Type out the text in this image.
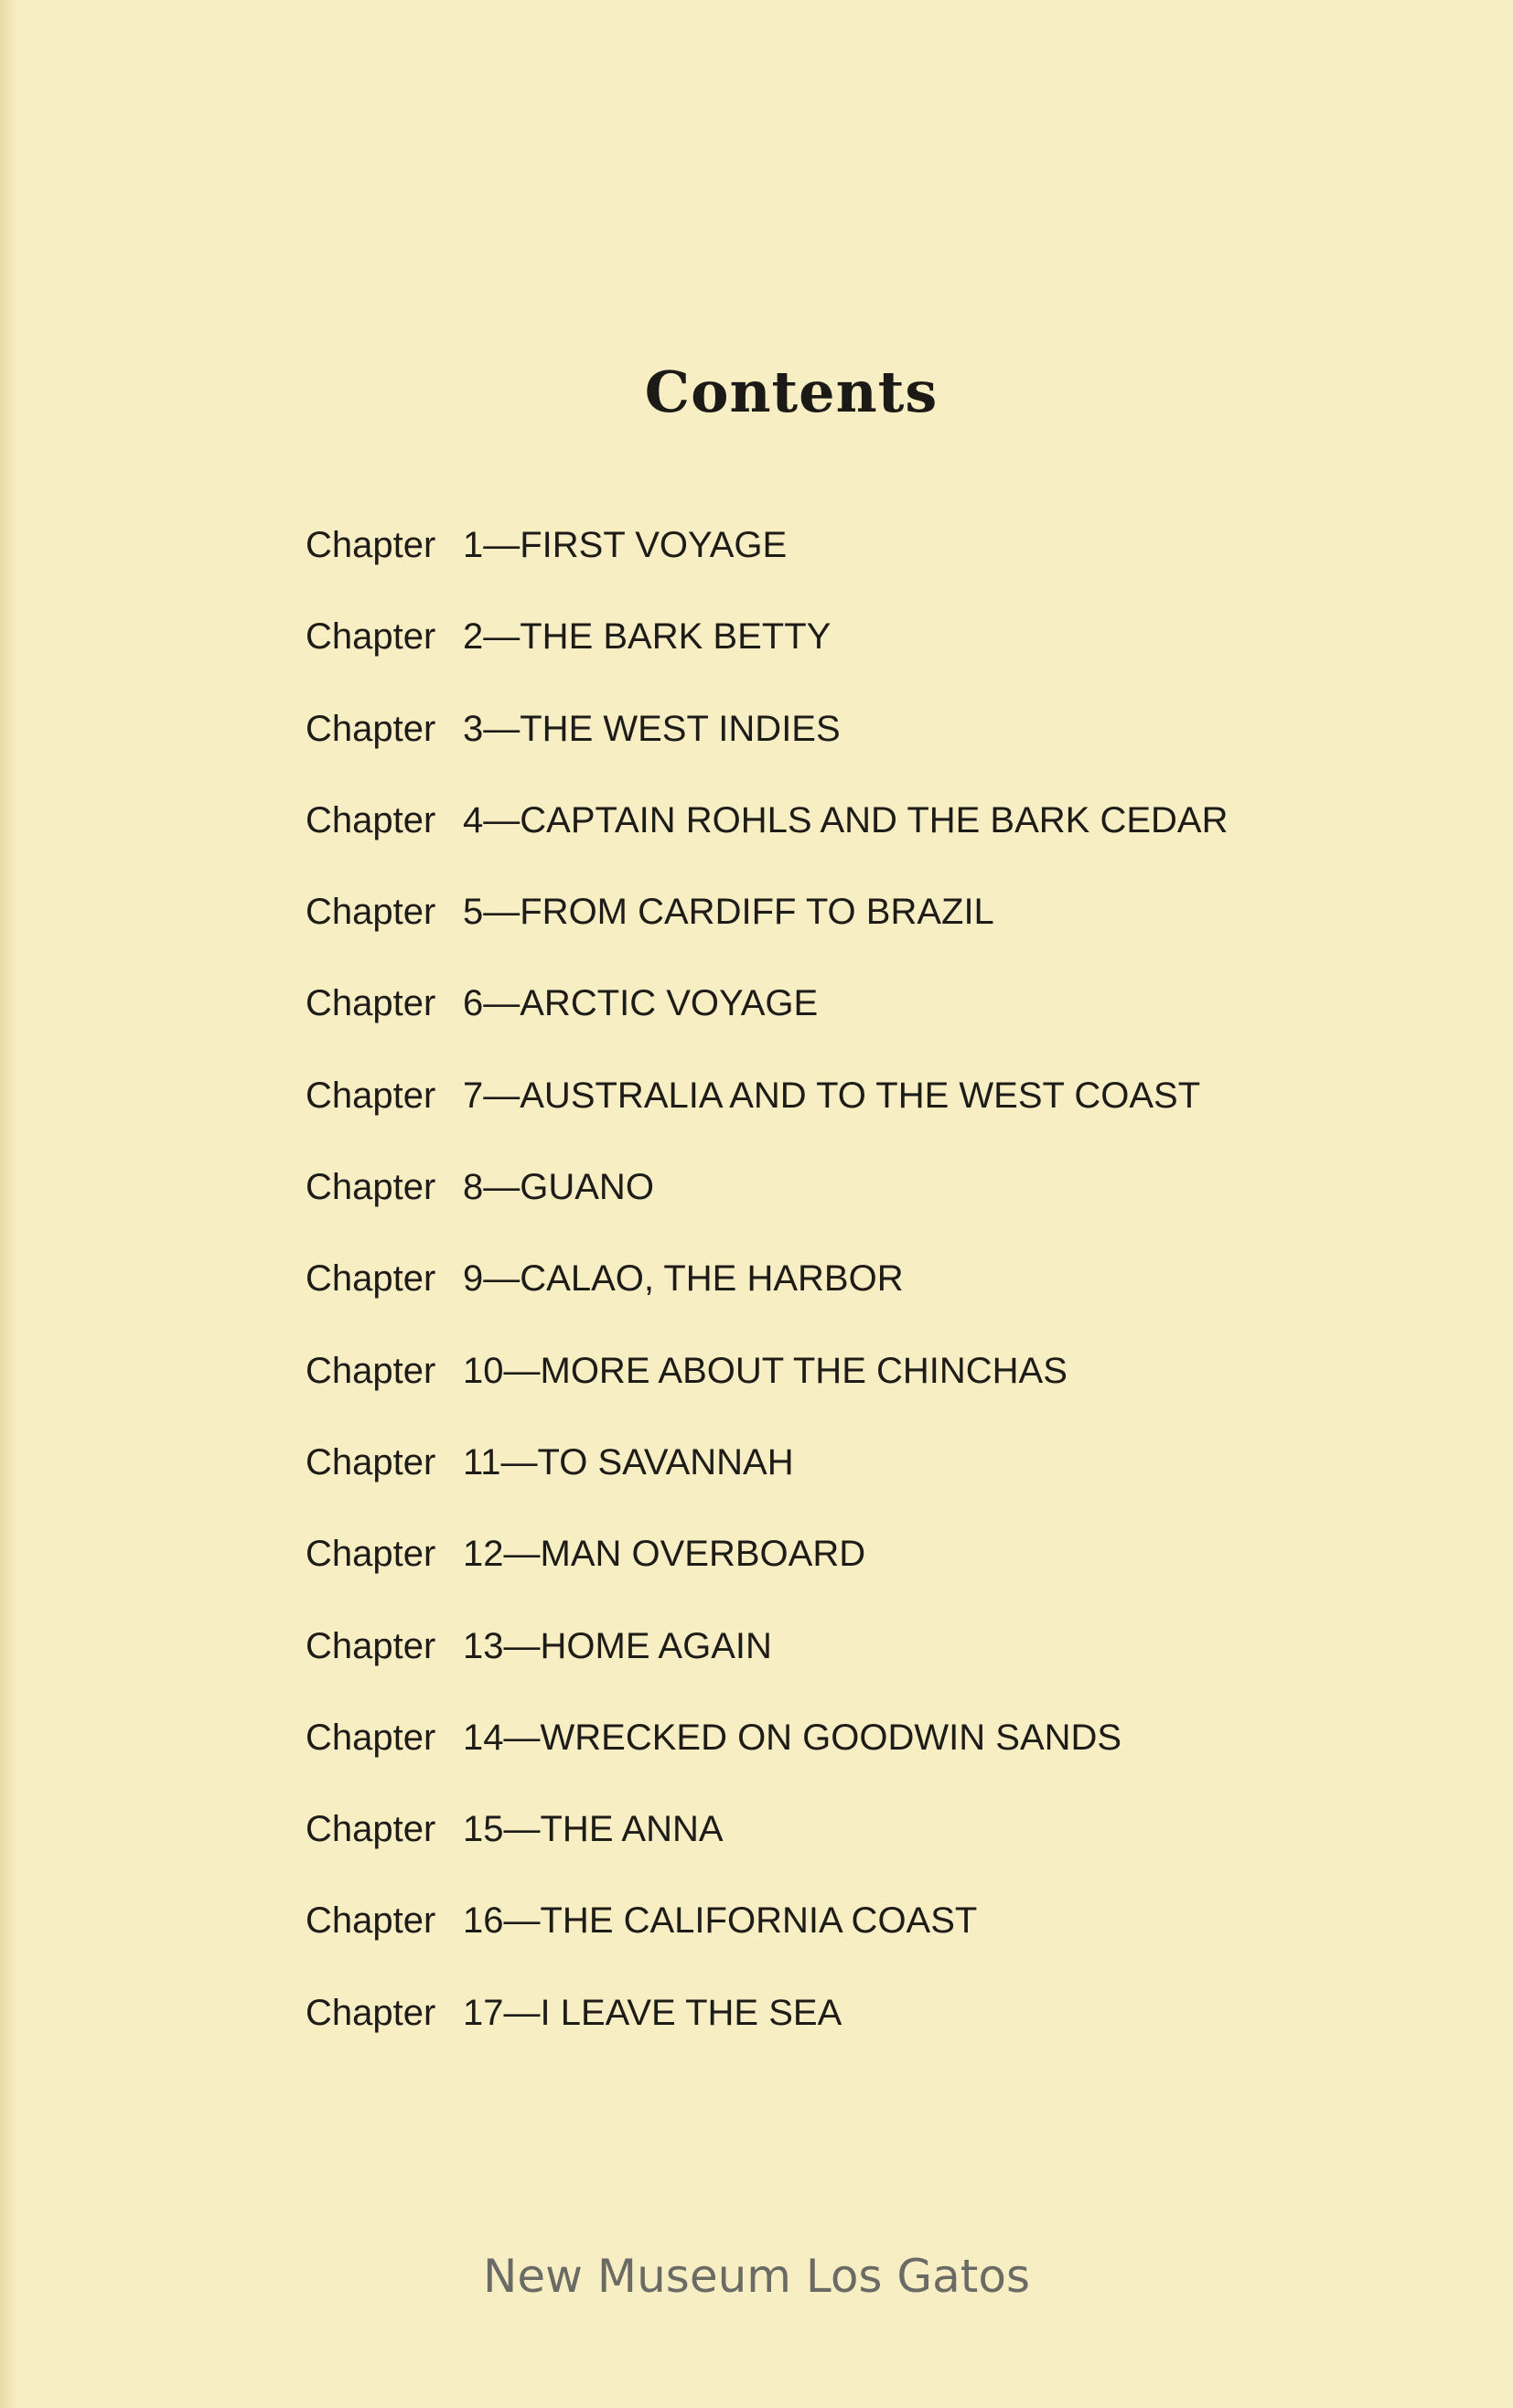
Contents
Chapter 1—FIRST VOYAGE
Chapter 2—THE BARK BETTY
Chapter 3—THE WEST INDIES
Chapter 4—CAPTAIN ROHLS AND THE BARK CEDAR
Chapter 5—FROM CARDIFF TO BRAZIL
Chapter 6—ARCTIC VOYAGE
Chapter 7—AUSTRALIA AND TO THE WEST COAST
Chapter 8—GUANO
Chapter 9—CALAO, THE HARBOR
Chapter 10—MORE ABOUT THE CHINCHAS
Chapter 11—TO SAVANNAH
Chapter 12—MAN OVERBOARD
Chapter 13—HOME AGAIN
Chapter 14—WRECKED ON GOODWIN SANDS
Chapter 15—THE ANNA
Chapter 16—THE CALIFORNIA COAST
Chapter 17—I LEAVE THE SEA
New Museum Los Gatos
